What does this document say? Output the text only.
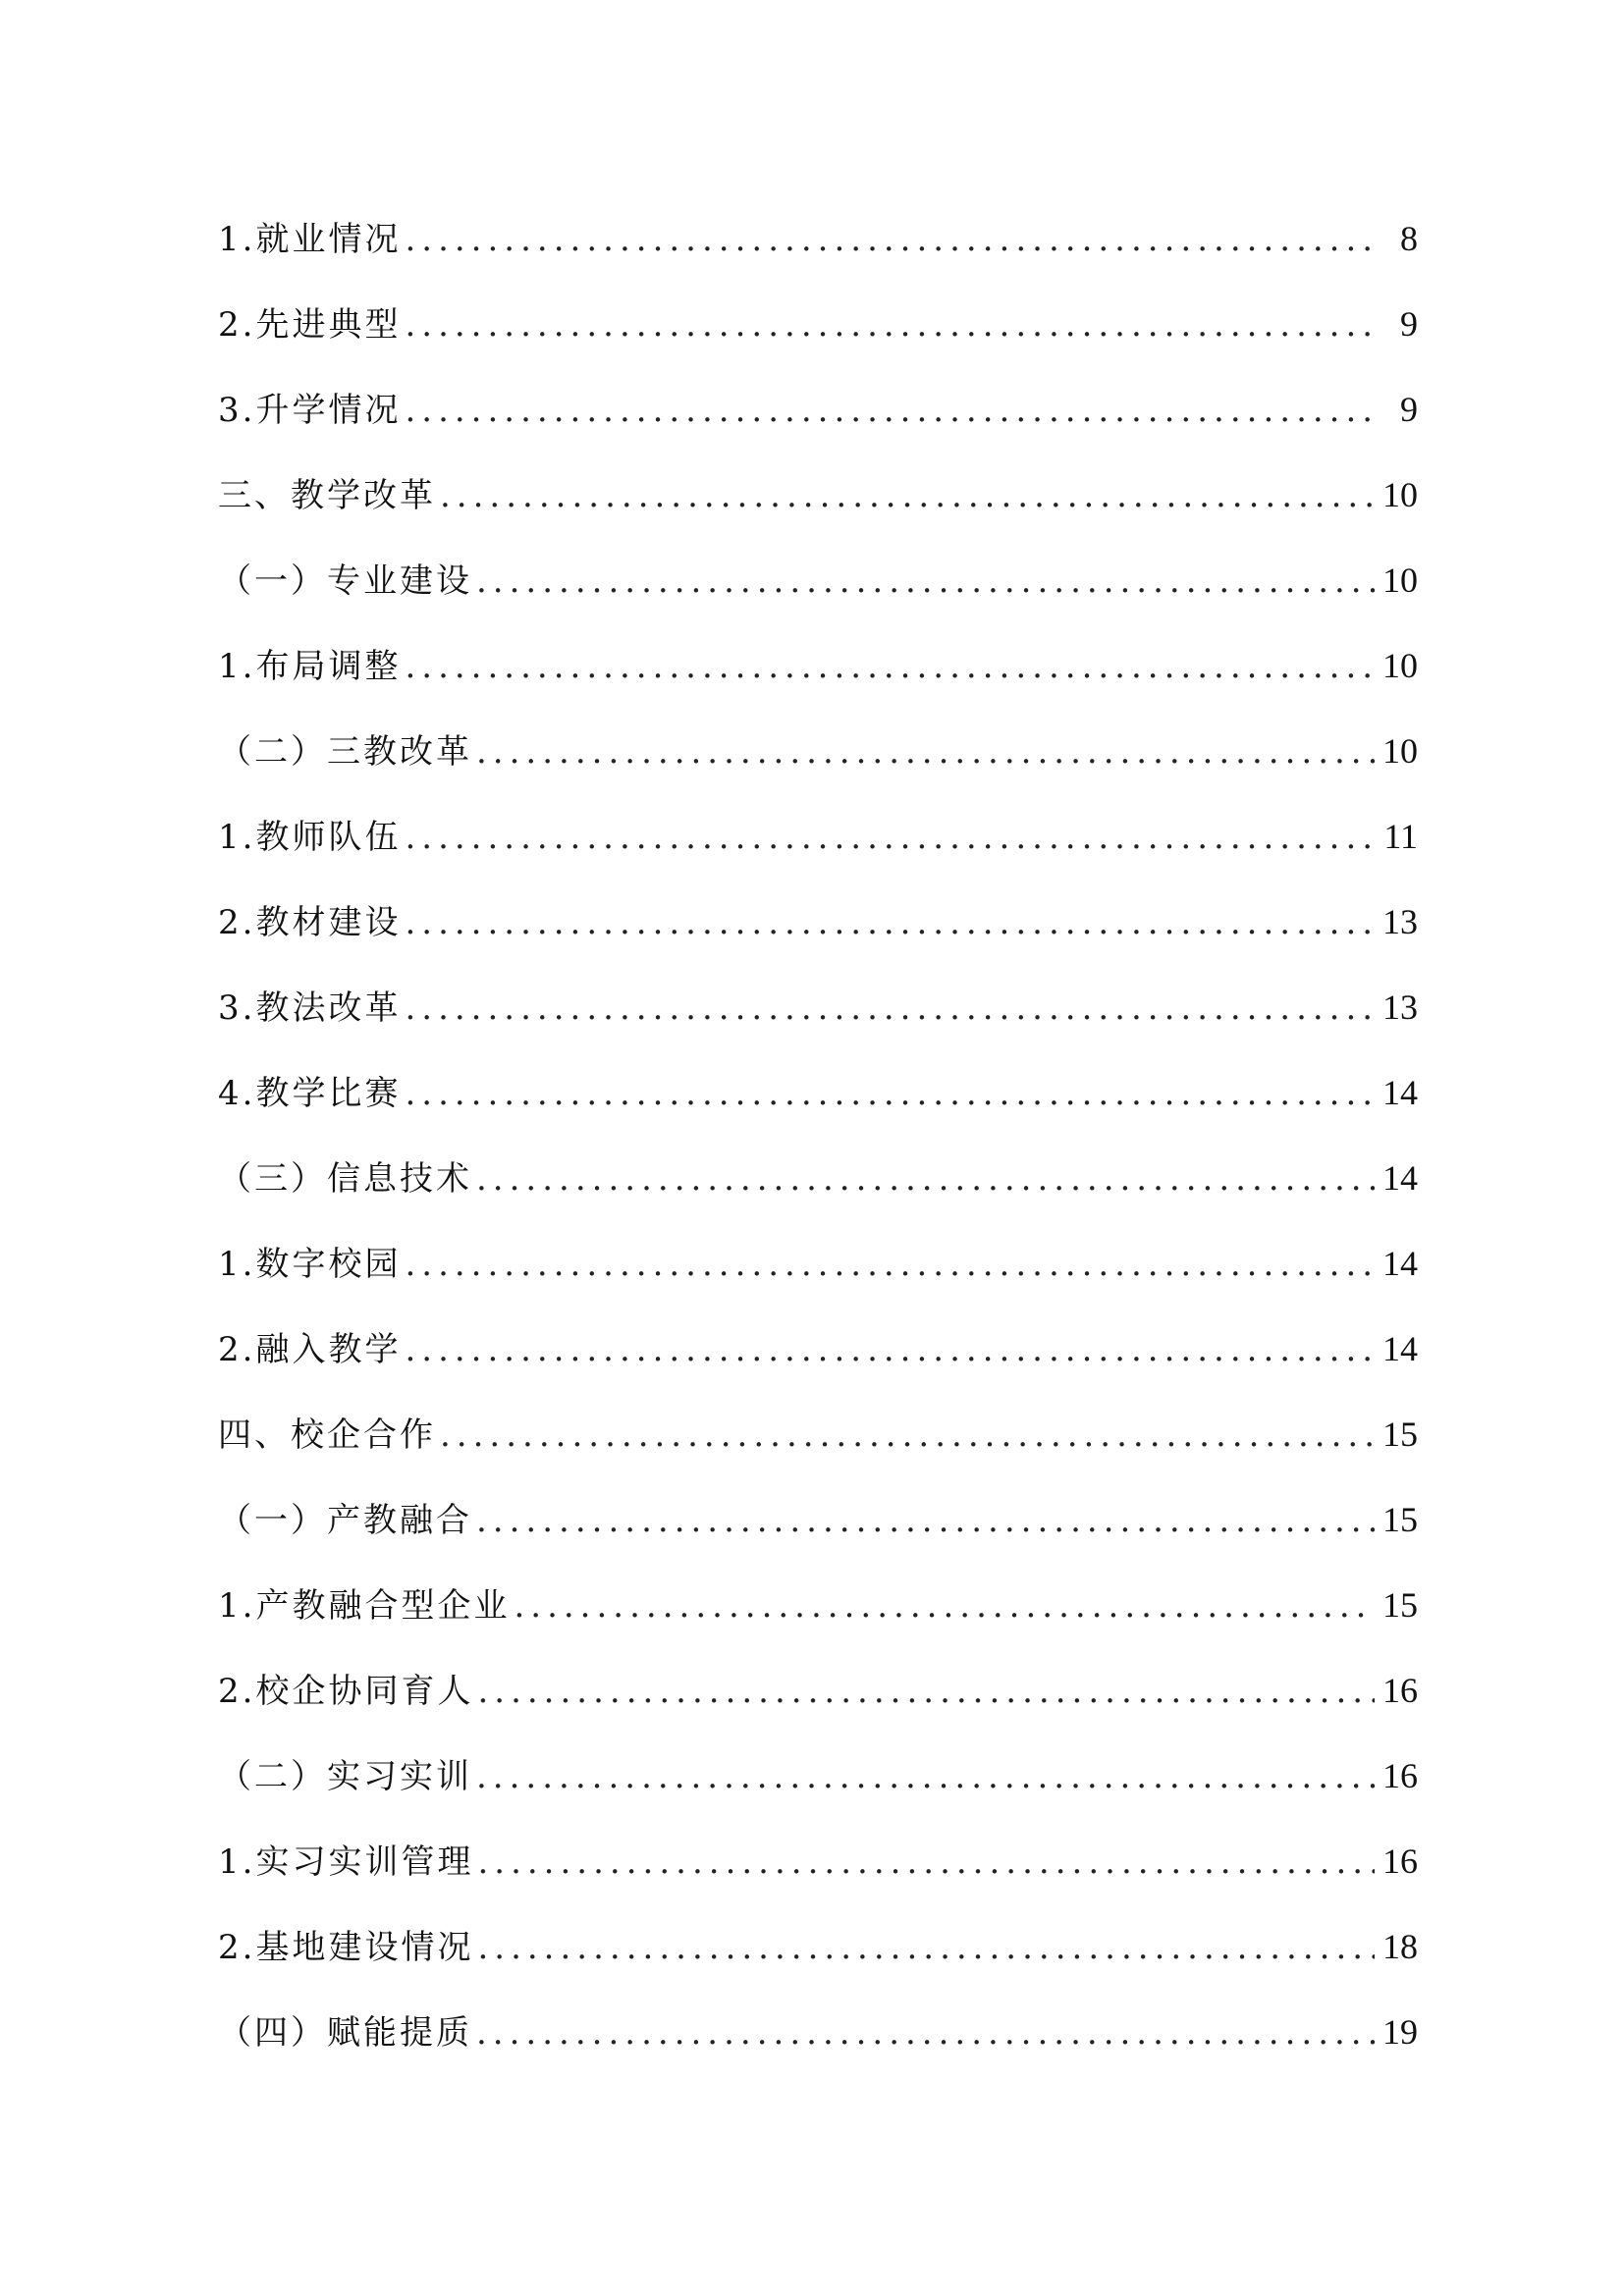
1.就业情况 .....	8
2.先进典型 .....	9
3.升学情况 .....	9
三、教学改革 .....	10
（一）专业建设 .....	10
1.布局调整 .....	10
（二）三教改革 .....	10
1.教师队伍 .....	11
2.教材建设 .....	13
3.教法改革 .....	13
4.教学比赛 .....	14
（三）信息技术 .....	14
1.数字校园 .....	14
2.融入教学 .....	14
四、校企合作 .....	15
（一）产教融合 .....	15
1.产教融合型企业 .....	15
2.校企协同育人 .....	16
（二）实习实训 .....	16
1.实习实训管理 .....	16
2.基地建设情况 .....	18
（四）赋能提质 .....	19
